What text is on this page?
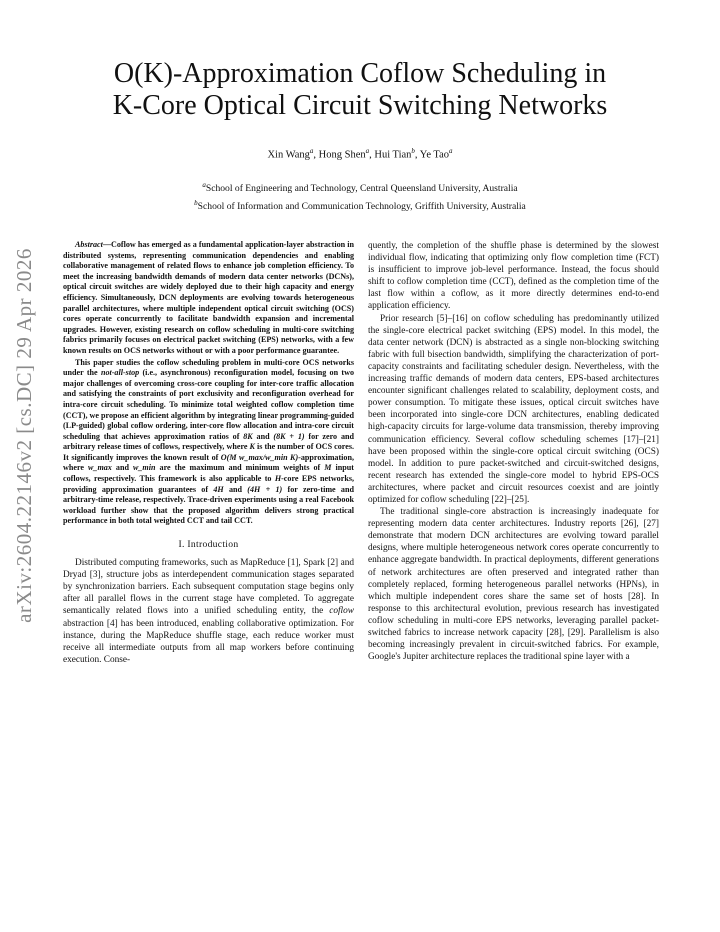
arXiv:2604.22146v2 [cs.DC] 29 Apr 2026
O(K)-Approximation Coflow Scheduling in
K-Core Optical Circuit Switching Networks
Xin Wang$^a$, Hong Shen$^a$, Hui Tian$^b$, Ye Tao$^a$
$^a$School of Engineering and Technology, Central Queensland University, Australia
$^b$School of Information and Communication Technology, Griffith University, Australia

Abstract—Coflow has emerged as a fundamental application-layer abstraction in distributed systems, representing communication dependencies and enabling collaborative management of related flows to enhance job completion efficiency. To meet the increasing bandwidth demands of modern data center networks (DCNs), optical circuit switches are widely deployed due to their high capacity and energy efficiency. Simultaneously, DCN deployments are evolving towards heterogeneous parallel architectures, where multiple independent optical circuit switching (OCS) cores operate concurrently to facilitate bandwidth expansion and incremental upgrades. However, existing research on coflow scheduling in multi-core switching fabrics primarily focuses on electrical packet switching (EPS) networks, with a few known results on OCS networks without or with a poor performance guarantee.

This paper studies the coflow scheduling problem in multi-core OCS networks under the not-all-stop (i.e., asynchronous) reconfiguration model, focusing on two major challenges of overcoming cross-core coupling for inter-core traffic allocation and satisfying the constraints of port exclusivity and reconfiguration overhead for intra-core circuit scheduling. To minimize total weighted coflow completion time (CCT), we propose an efficient algorithm by integrating linear programming-guided (LP-guided) global coflow ordering, inter-core flow allocation and intra-core circuit scheduling that achieves approximation ratios of 8K and (8K + 1) for zero and arbitrary release times of coflows, respectively, where K is the number of OCS cores. It significantly improves the known result of O(M w_max/w_min K)-approximation, where w_max and w_min are the maximum and minimum weights of M input coflows, respectively. This framework is also applicable to H-core EPS networks, providing approximation guarantees of 4H and (4H + 1) for zero-time and arbitrary-time release, respectively. Trace-driven experiments using a real Facebook workload further show that the proposed algorithm delivers strong practical performance in both total weighted CCT and tail CCT.

I. Introduction

Distributed computing frameworks, such as MapReduce [1], Spark [2] and Dryad [3], structure jobs as interdependent communication stages separated by synchronization barriers. Each subsequent computation stage begins only after all parallel flows in the current stage have completed. To aggregate semantically related flows into a unified scheduling entity, the coflow abstraction [4] has been introduced, enabling collaborative optimization. For instance, during the MapReduce shuffle stage, each reduce worker must receive all intermediate outputs from all map workers before continuing execution. Conse-

quently, the completion of the shuffle phase is determined by the slowest individual flow, indicating that optimizing only flow completion time (FCT) is insufficient to improve job-level performance. Instead, the focus should shift to coflow completion time (CCT), defined as the completion time of the last flow within a coflow, as it more directly determines end-to-end application efficiency.

Prior research [5]–[16] on coflow scheduling has predominantly utilized the single-core electrical packet switching (EPS) model. In this model, the data center network (DCN) is abstracted as a single non-blocking switching fabric with full bisection bandwidth, simplifying the characterization of port-capacity constraints and facilitating scheduler design. Nevertheless, with the increasing traffic demands of modern data centers, EPS-based architectures encounter significant challenges related to scalability, deployment costs, and power consumption. To mitigate these issues, optical circuit switches have been incorporated into single-core DCN architectures, enabling dedicated high-capacity circuits for large-volume data transmission, thereby improving communication efficiency. Several coflow scheduling schemes [17]–[21] have been proposed within the single-core optical circuit switching (OCS) model. In addition to pure packet-switched and circuit-switched designs, recent research has extended the single-core model to hybrid EPS-OCS architectures, where packet and circuit resources coexist and are jointly optimized for coflow scheduling [22]–[25].

The traditional single-core abstraction is increasingly inadequate for representing modern data center architectures. Industry reports [26], [27] demonstrate that modern DCN architectures are evolving toward parallel designs, where multiple heterogeneous network cores operate concurrently to enhance aggregate bandwidth. In practical deployments, different generations of network architectures are often preserved and integrated rather than completely replaced, forming heterogeneous parallel networks (HPNs), in which multiple independent cores share the same set of hosts [28]. In response to this architectural evolution, previous research has investigated coflow scheduling in multi-core EPS networks, leveraging parallel packet-switched fabrics to increase network capacity [28], [29]. Parallelism is also becoming increasingly prevalent in circuit-switched fabrics. For example, Google's Jupiter architecture replaces the traditional spine layer with a
